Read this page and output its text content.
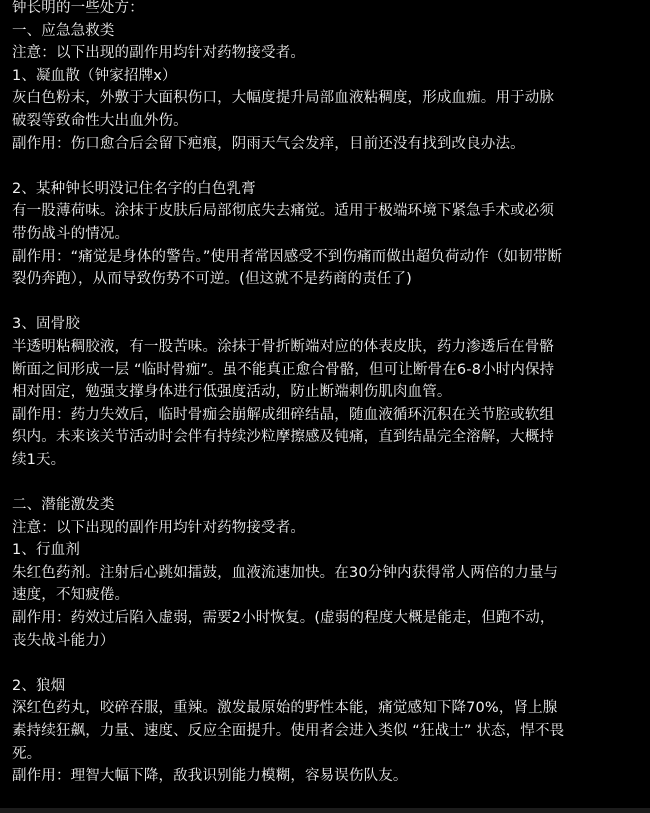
钟长明的一些处方：
一、应急急救类
注意：以下出现的副作用均针对药物接受者。
1、凝血散（钟家招牌x）
灰白色粉末，外敷于大面积伤口，大幅度提升局部血液粘稠度，形成血痂。用于动脉
破裂等致命性大出血外伤。
副作用：伤口愈合后会留下疤痕，阴雨天气会发痒，目前还没有找到改良办法。
2、某种钟长明没记住名字的白色乳膏
有一股薄荷味。涂抹于皮肤后局部彻底失去痛觉。适用于极端环境下紧急手术或必须
带伤战斗的情况。
副作用：“痛觉是身体的警告。”使用者常因感受不到伤痛而做出超负荷动作（如韧带断
裂仍奔跑），从而导致伤势不可逆。(但这就不是药商的责任了)
3、固骨胶
半透明粘稠胶液，有一股苦味。涂抹于骨折断端对应的体表皮肤，药力渗透后在骨骼
断面之间形成一层 “临时骨痂”。虽不能真正愈合骨骼，但可让断骨在6-8小时内保持
相对固定，勉强支撑身体进行低强度活动，防止断端刺伤肌肉血管。
副作用：药力失效后，临时骨痂会崩解成细碎结晶，随血液循环沉积在关节腔或软组
织内。未来该关节活动时会伴有持续沙粒摩擦感及钝痛，直到结晶完全溶解，大概持
续1天。
二、潜能激发类
注意：以下出现的副作用均针对药物接受者。
1、行血剂
朱红色药剂。注射后心跳如擂鼓，血液流速加快。在30分钟内获得常人两倍的力量与
速度，不知疲倦。
副作用：药效过后陷入虚弱，需要2小时恢复。(虚弱的程度大概是能走，但跑不动，
丧失战斗能力）
2、狼烟
深红色药丸，咬碎吞服，重辣。激发最原始的野性本能，痛觉感知下降70%，肾上腺
素持续狂飙，力量、速度、反应全面提升。使用者会进入类似 “狂战士” 状态，悍不畏
死。
副作用：理智大幅下降，敌我识别能力模糊，容易误伤队友。
